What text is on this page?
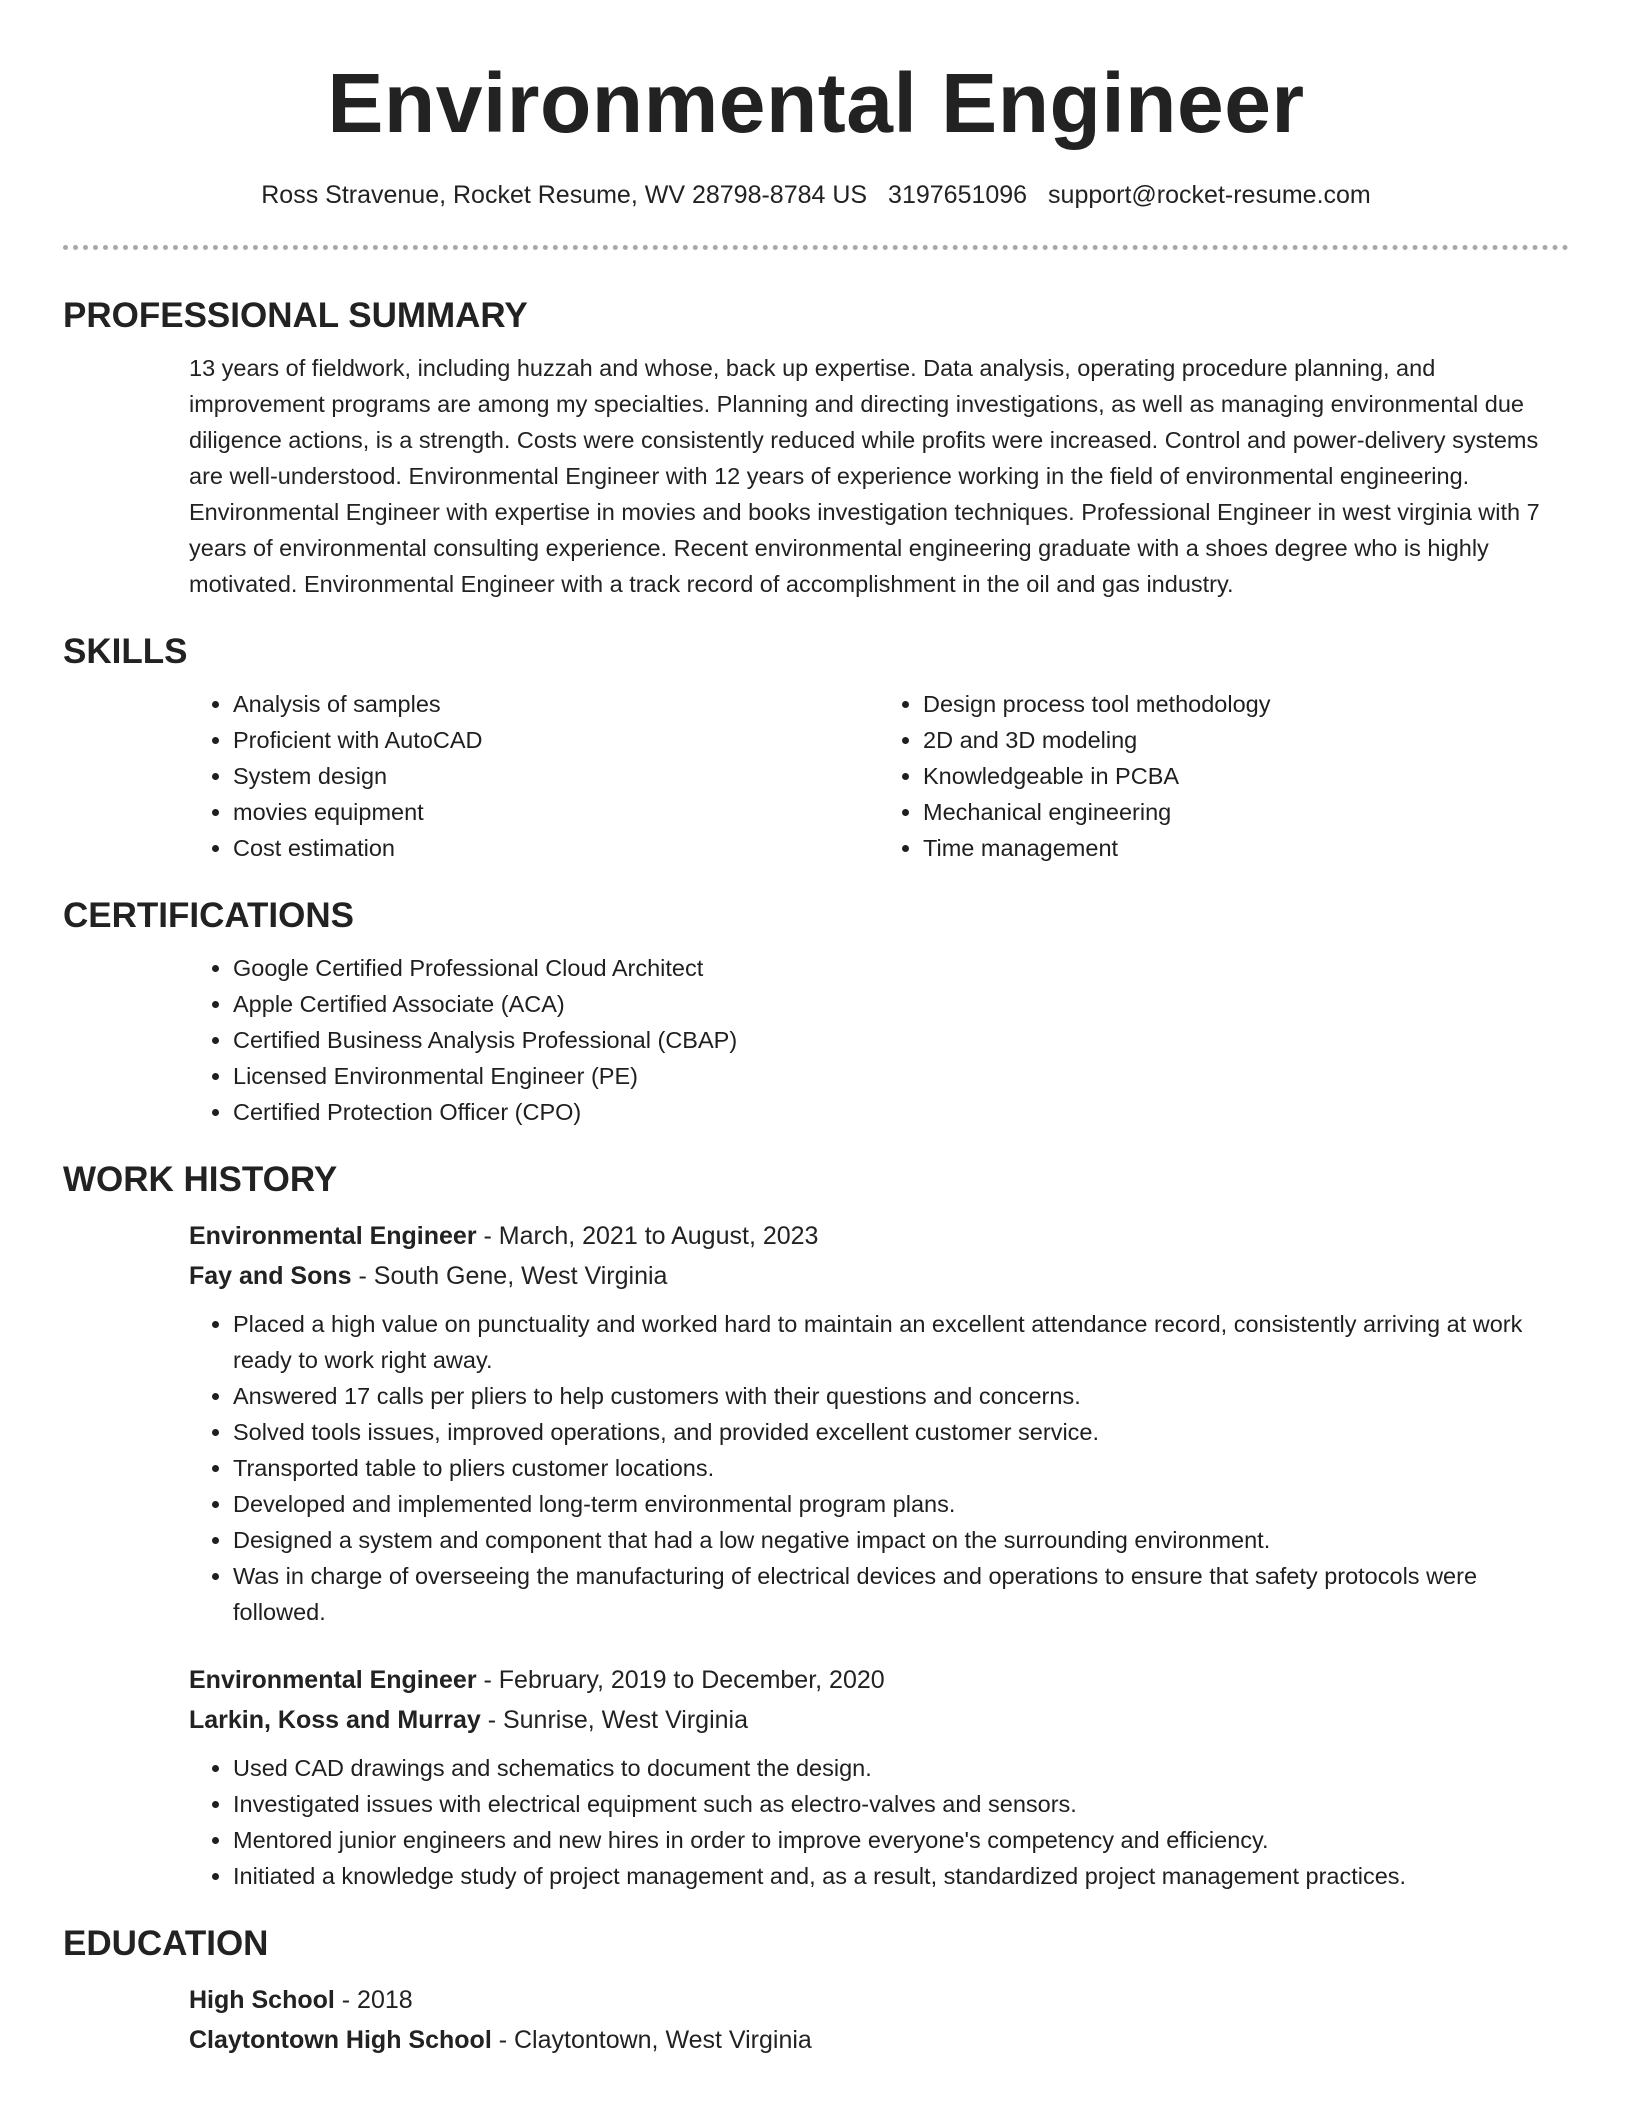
Environmental Engineer
Ross Stravenue, Rocket Resume, WV 28798-8784 US 3197651096 support@rocket-resume.com
PROFESSIONAL SUMMARY

13 years of fieldwork, including huzzah and whose, back up expertise. Data analysis, operating procedure planning, and improvement programs are among my specialties. Planning and directing investigations, as well as managing environmental due diligence actions, is a strength. Costs were consistently reduced while profits were increased. Control and power-delivery systems are well-understood. Environmental Engineer with 12 years of experience working in the field of environmental engineering. Environmental Engineer with expertise in movies and books investigation techniques. Professional Engineer in west virginia with 7 years of environmental consulting experience. Recent environmental engineering graduate with a shoes degree who is highly motivated. Environmental Engineer with a track record of accomplishment in the oil and gas industry.

SKILLS
• Analysis of samples
• Proficient with AutoCAD
• System design
• movies equipment
• Cost estimation
• Design process tool methodology
• 2D and 3D modeling
• Knowledgeable in PCBA
• Mechanical engineering
• Time management
CERTIFICATIONS
• Google Certified Professional Cloud Architect
• Apple Certified Associate (ACA)
• Certified Business Analysis Professional (CBAP)
• Licensed Environmental Engineer (PE)
• Certified Protection Officer (CPO)
WORK HISTORY
Environmental Engineer - March, 2021 to August, 2023
Fay and Sons - South Gene, West Virginia
• Placed a high value on punctuality and worked hard to maintain an excellent attendance record, consistently arriving at work ready to work right away.
• Answered 17 calls per pliers to help customers with their questions and concerns.
• Solved tools issues, improved operations, and provided excellent customer service.
• Transported table to pliers customer locations.
• Developed and implemented long-term environmental program plans.
• Designed a system and component that had a low negative impact on the surrounding environment.
• Was in charge of overseeing the manufacturing of electrical devices and operations to ensure that safety protocols were followed.
Environmental Engineer - February, 2019 to December, 2020
Larkin, Koss and Murray - Sunrise, West Virginia
• Used CAD drawings and schematics to document the design.
• Investigated issues with electrical equipment such as electro-valves and sensors.
• Mentored junior engineers and new hires in order to improve everyone's competency and efficiency.
• Initiated a knowledge study of project management and, as a result, standardized project management practices.
EDUCATION
High School - 2018
Claytontown High School - Claytontown, West Virginia
